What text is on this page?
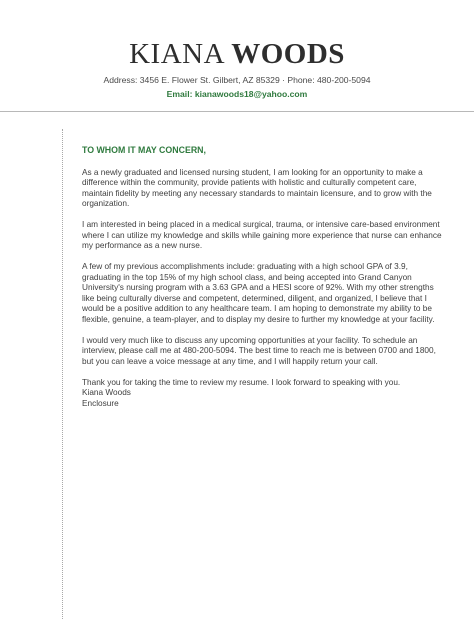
KIANA WOODS
Address: 3456 E. Flower St. Gilbert, AZ 85329 · Phone: 480-200-5094
Email: kianawoods18@yahoo.com
TO WHOM IT MAY CONCERN,

As a newly graduated and licensed nursing student, I am looking for an opportunity to make a difference within the community, provide patients with holistic and culturally competent care, maintain fidelity by meeting any necessary standards to maintain licensure, and to grow with the organization.

I am interested in being placed in a medical surgical, trauma, or intensive care-based environment where I can utilize my knowledge and skills while gaining more experience that nurse can enhance my performance as a new nurse.

A few of my previous accomplishments include: graduating with a high school GPA of 3.9, graduating in the top 15% of my high school class, and being accepted into Grand Canyon University's nursing program with a 3.63 GPA and a HESI score of 92%. With my other strengths like being culturally diverse and competent, determined, diligent, and organized, I believe that I would be a positive addition to any healthcare team. I am hoping to demonstrate my ability to be flexible, genuine, a team-player, and to display my desire to further my knowledge at your facility.

I would very much like to discuss any upcoming opportunities at your facility. To schedule an interview, please call me at 480-200-5094. The best time to reach me is between 0700 and 1800, but you can leave a voice message at any time, and I will happily return your call.

Thank you for taking the time to review my resume. I look forward to speaking with you.

Kiana Woods

Enclosure
